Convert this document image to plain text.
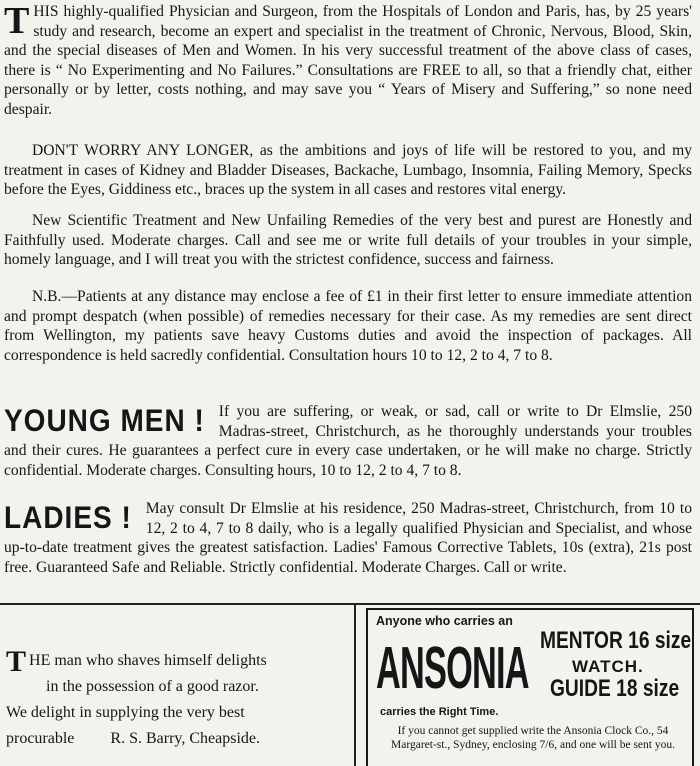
THIS highly-qualified Physician and Surgeon, from the Hospitals of London and Paris, has, by 25 years' study and research, become an expert and specialist in the treatment of Chronic, Nervous, Blood, Skin, and the special diseases of Men and Women. In his very successful treatment of the above class of cases, there is “ No Experimenting and No Failures.” Consultations are FREE to all, so that a friendly chat, either personally or by letter, costs nothing, and may save you “ Years of Misery and Suffering,” so none need despair.
DON'T WORRY ANY LONGER, as the ambitions and joys of life will be restored to you, and my treatment in cases of Kidney and Bladder Diseases, Backache, Lumbago, Insomnia, Failing Memory, Specks before the Eyes, Giddiness etc., braces up the system in all cases and restores vital energy.
New Scientific Treatment and New Unfailing Remedies of the very best and purest are Honestly and Faithfully used. Moderate charges. Call and see me or write full details of your troubles in your simple, homely language, and I will treat you with the strictest confidence, success and fairness.
N.B.—Patients at any distance may enclose a fee of £1 in their first letter to ensure immediate attention and prompt despatch (when possible) of remedies necessary for their case. As my remedies are sent direct from Wellington, my patients save heavy Customs duties and avoid the inspection of packages. All correspondence is held sacredly confidential. Consultation hours 10 to 12, 2 to 4, 7 to 8.
YOUNG MEN ! If you are suffering, or weak, or sad, call or write to Dr Elmslie, 250 Madras-street, Christchurch, as he thoroughly understands your troubles and their cures. He guarantees a perfect cure in every case undertaken, or he will make no charge. Strictly confidential. Moderate charges. Consulting hours, 10 to 12, 2 to 4, 7 to 8.
LADIES ! May consult Dr Elmslie at his residence, 250 Madras-street, Christchurch, from 10 to 12, 2 to 4, 7 to 8 daily, who is a legally qualified Physician and Specialist, and whose up-to-date treatment gives the greatest satisfaction. Ladies' Famous Corrective Tablets, 10s (extra), 21s post free. Guaranteed Safe and Reliable. Strictly confidential. Moderate Charges. Call or write.
THE man who shaves himself delights
in the possession of a good razor.
We delight in supplying the very best
procurable R. S. Barry, Cheapside.
Anyone who carries an
ANSONIA MENTOR 16 size
WATCH.
GUIDE 18 size
carries the Right Time.
If you cannot get supplied write the Ansonia Clock Co., 54 Margaret-st., Sydney, enclosing 7/6, and one will be sent you.
